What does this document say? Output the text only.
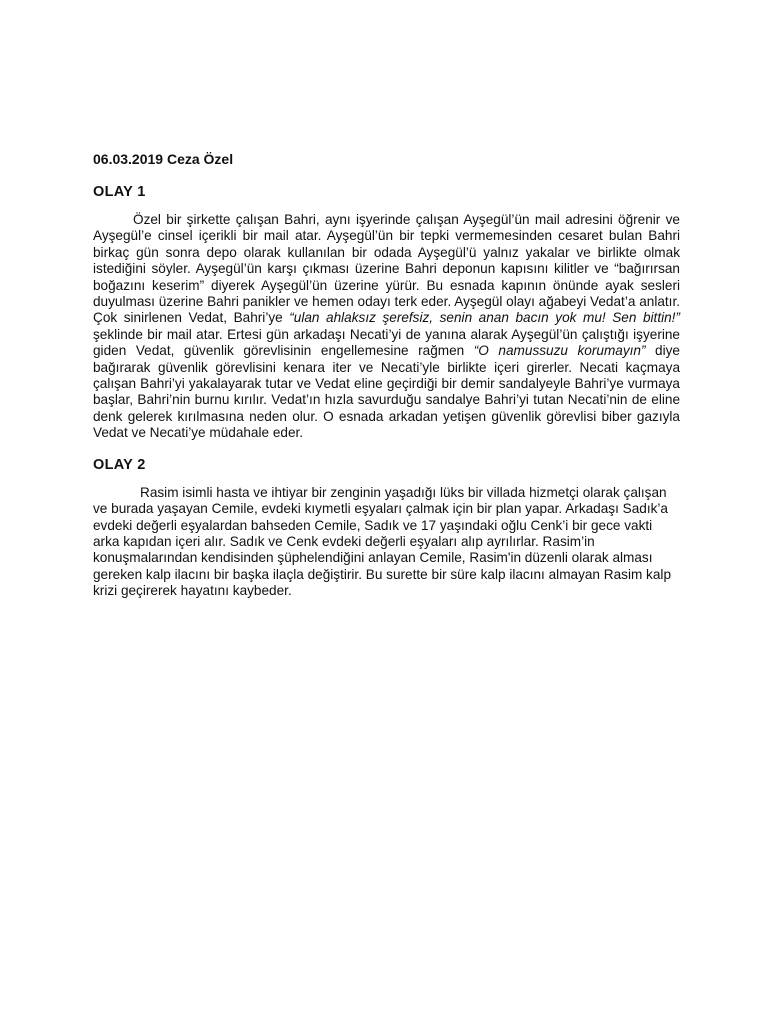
06.03.2019 Ceza Özel

OLAY 1

Özel bir şirkette çalışan Bahri, aynı işyerinde çalışan Ayşegül’ün mail adresini öğrenir ve Ayşegül’e cinsel içerikli bir mail atar. Ayşegül’ün bir tepki vermemesinden cesaret bulan Bahri birkaç gün sonra depo olarak kullanılan bir odada Ayşegül’ü yalnız yakalar ve birlikte olmak istediğini söyler. Ayşegül’ün karşı çıkması üzerine Bahri deponun kapısını kilitler ve “bağırırsan boğazını keserim” diyerek Ayşegül’ün üzerine yürür. Bu esnada kapının önünde ayak sesleri duyulması üzerine Bahri panikler ve hemen odayı terk eder. Ayşegül olayı ağabeyi Vedat’a anlatır. Çok sinirlenen Vedat, Bahri’ye “ulan ahlaksız şerefsiz, senin anan bacın yok mu! Sen bittin!” şeklinde bir mail atar. Ertesi gün arkadaşı Necati’yi de yanına alarak Ayşegül’ün çalıştığı işyerine giden Vedat, güvenlik görevlisinin engellemesine rağmen “O namussuzu korumayın” diye bağırarak güvenlik görevlisini kenara iter ve Necati’yle birlikte içeri girerler. Necati kaçmaya çalışan Bahri’yi yakalayarak tutar ve Vedat eline geçirdiği bir demir sandalyeyle Bahri’ye vurmaya başlar, Bahri’nin burnu kırılır. Vedat’ın hızla savurduğu sandalye Bahri’yi tutan Necati’nin de eline denk gelerek kırılmasına neden olur. O esnada arkadan yetişen güvenlik görevlisi biber gazıyla Vedat ve Necati’ye müdahale eder.

OLAY 2

Rasim isimli hasta ve ihtiyar bir zenginin yaşadığı lüks bir villada hizmetçi olarak çalışan ve burada yaşayan Cemile, evdeki kıymetli eşyaları çalmak için bir plan yapar. Arkadaşı Sadık’a evdeki değerli eşyalardan bahseden Cemile, Sadık ve 17 yaşındaki oğlu Cenk’i bir gece vakti arka kapıdan içeri alır. Sadık ve Cenk evdeki değerli eşyaları alıp ayrılırlar. Rasim’in konuşmalarından kendisinden şüphelendiğini anlayan Cemile, Rasim'in düzenli olarak alması gereken kalp ilacını bir başka ilaçla değiştirir. Bu surette bir süre kalp ilacını almayan Rasim kalp krizi geçirerek hayatını kaybeder.
